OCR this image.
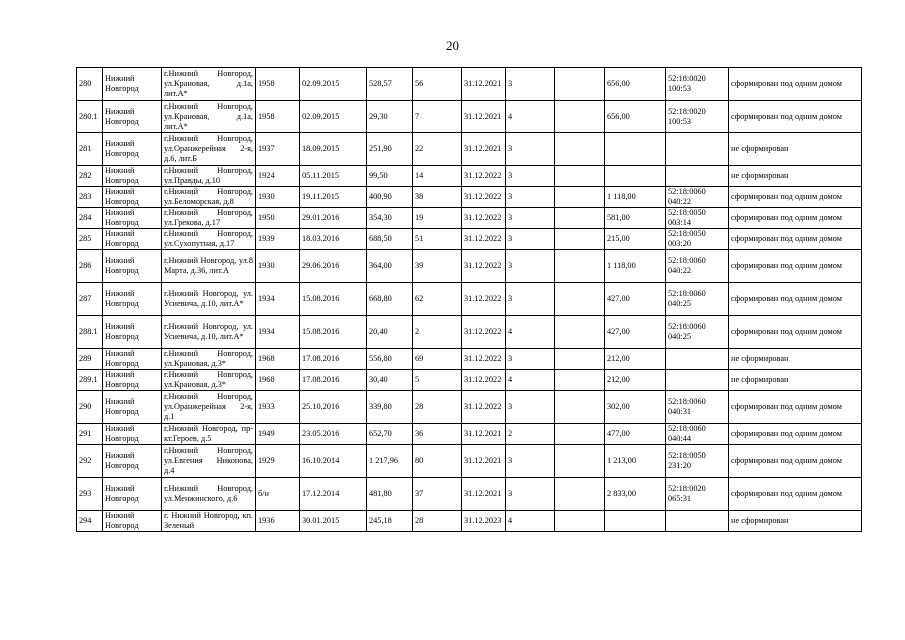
20
280	Нижний Новгород	г.Нижний Новгород, ул.Крановая, д.1а, лит.А*	1958	02.09.2015	528,57	56	31.12.2021	3		656,00	52:18:0020 100:53	сформирован под одним домом
280.1	Нижний Новгород	г.Нижний Новгород, ул.Крановая, д.1а, лит.А*	1958	02.09.2015	29,30	7	31.12.2021	4		656,00	52:18:0020 100:53	сформирован под одним домом
281	Нижний Новгород	г.Нижний Новгород, ул.Оранжерейная 2-я, д.6, лит.Б	1937	18.09.2015	251,90	22	31.12.2021	3				не сформирован
282	Нижний Новгород	г.Нижний Новгород, ул.Правды, д.10	1924	05.11.2015	99,50	14	31.12.2022	3				не сформирован
283	Нижний Новгород	г.Нижний Новгород, ул.Беломорская, д.8	1930	19.11.2015	400,90	38	31.12.2022	3		1 118,00	52:18:0060 040:22	сформирован под одним домом
284	Нижний Новгород	г.Нижний Новгород, ул.Грекова, д.17	1950	29.01.2016	354,30	19	31.12.2022	3		581,00	52:18:0050 003:14	сформирован под одним домом
285	Нижний Новгород	г.Нижний Новгород, ул.Сухопутная, д.17	1939	18.03.2016	688,50	51	31.12.2022	3		215,00	52:18:0050 003:20	сформирован под одним домом
286	Нижний Новгород	г.Нижний Новгород, ул.8 Марта, д.36, лит.А	1930	29.06.2016	364,00	39	31.12.2022	3		1 118,00	52:18:0060 040:22	сформирован под одним домом
287	Нижний Новгород	г.Нижний Новгород, ул. Усиевича, д.10, лит.А*	1934	15.08.2016	668,80	62	31.12.2022	3		427,00	52:18:0060 040:25	сформирован под одним домом
288.1	Нижний Новгород	г.Нижний Новгород, ул. Усиевича, д.10, лит.А*	1934	15.08.2016	20,40	2	31.12.2022	4		427,00	52:18:0060 040:25	сформирован под одним домом
289	Нижний Новгород	г.Нижний Новгород, ул.Крановая, д.3*	1968	17.08.2016	556,80	69	31.12.2022	3		212,00		не сформирован
289.1	Нижний Новгород	г.Нижний Новгород, ул.Крановая, д.3*	1968	17.08.2016	30,40	5	31.12.2022	4		212,00		не сформирован
290	Нижний Новгород	г.Нижний Новгород, ул.Оранжерейная 2-я, д.1	1933	25.10.2016	339,80	28	31.12.2022	3		302,00	52:18:0060 040:31	сформирован под одним домом
291	Нижний Новгород	г.Нижний Новгород, пр-кт.Героев, д.5	1949	23.05.2016	652,70	36	31.12.2021	2		477,00	52:18:0060 040:44	сформирован под одним домом
292	Нижний Новгород	г.Нижний Новгород, ул.Евгения Никонова, д.4	1929	16.10.2014	1 217,96	80	31.12.2021	3		1 213,00	52:18:0050 231:20	сформирован под одним домом
293	Нижний Новгород	г.Нижний Новгород, ул.Менжинского, д.6	б/н	17.12.2014	481,80	37	31.12.2021	3		2 833,00	52:18:0020 065:31	сформирован под одним домом
294	Нижний Новгород	г. Нижний Новгород, кп. Зеленый	1936	30.01.2015	245,18	28	31.12.2023	4				не сформирован
